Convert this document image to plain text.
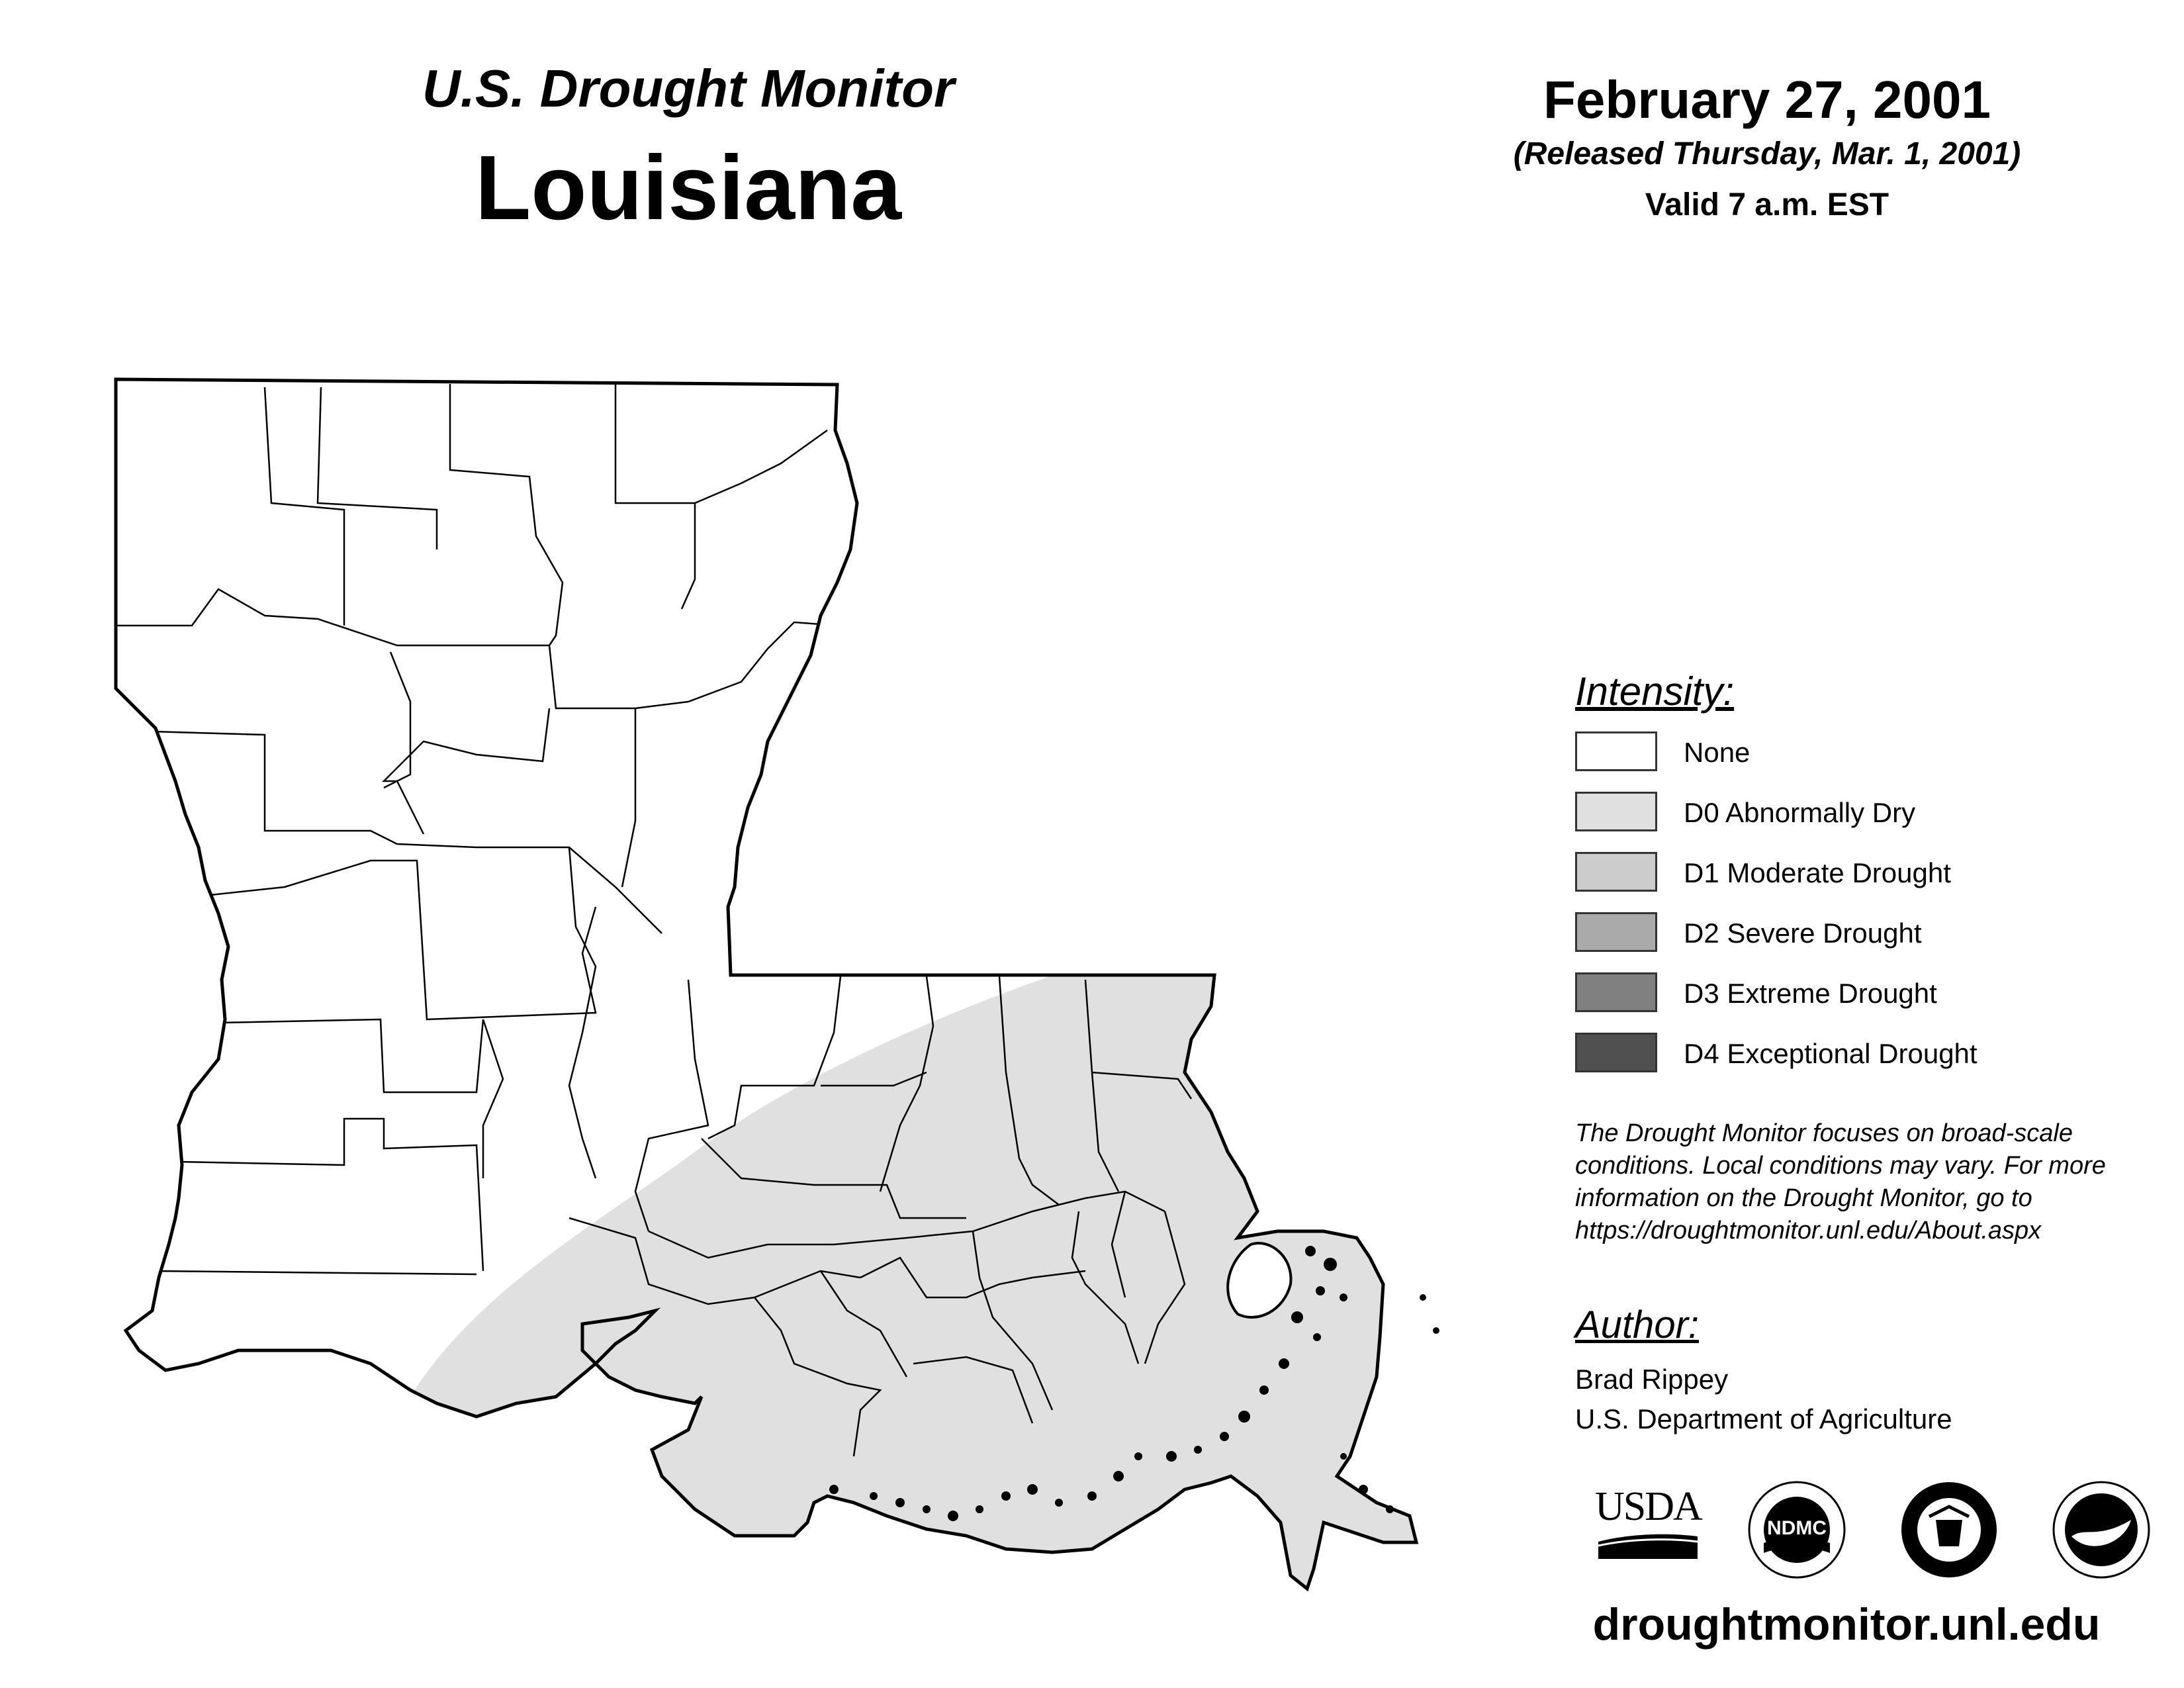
U.S. Drought Monitor
Louisiana
February 27, 2001
(Released Thursday, Mar. 1, 2001)
Valid 7 a.m. EST
Intensity:
None
D0 Abnormally Dry
D1 Moderate Drought
D2 Severe Drought
D3 Extreme Drought
D4 Exceptional Drought
The Drought Monitor focuses on broad-scale conditions. Local conditions may vary. For more information on the Drought Monitor, go to https://droughtmonitor.unl.edu/About.aspx
Author:
Brad Rippey
U.S. Department of Agriculture
USDA	NDMC
droughtmonitor.unl.edu
